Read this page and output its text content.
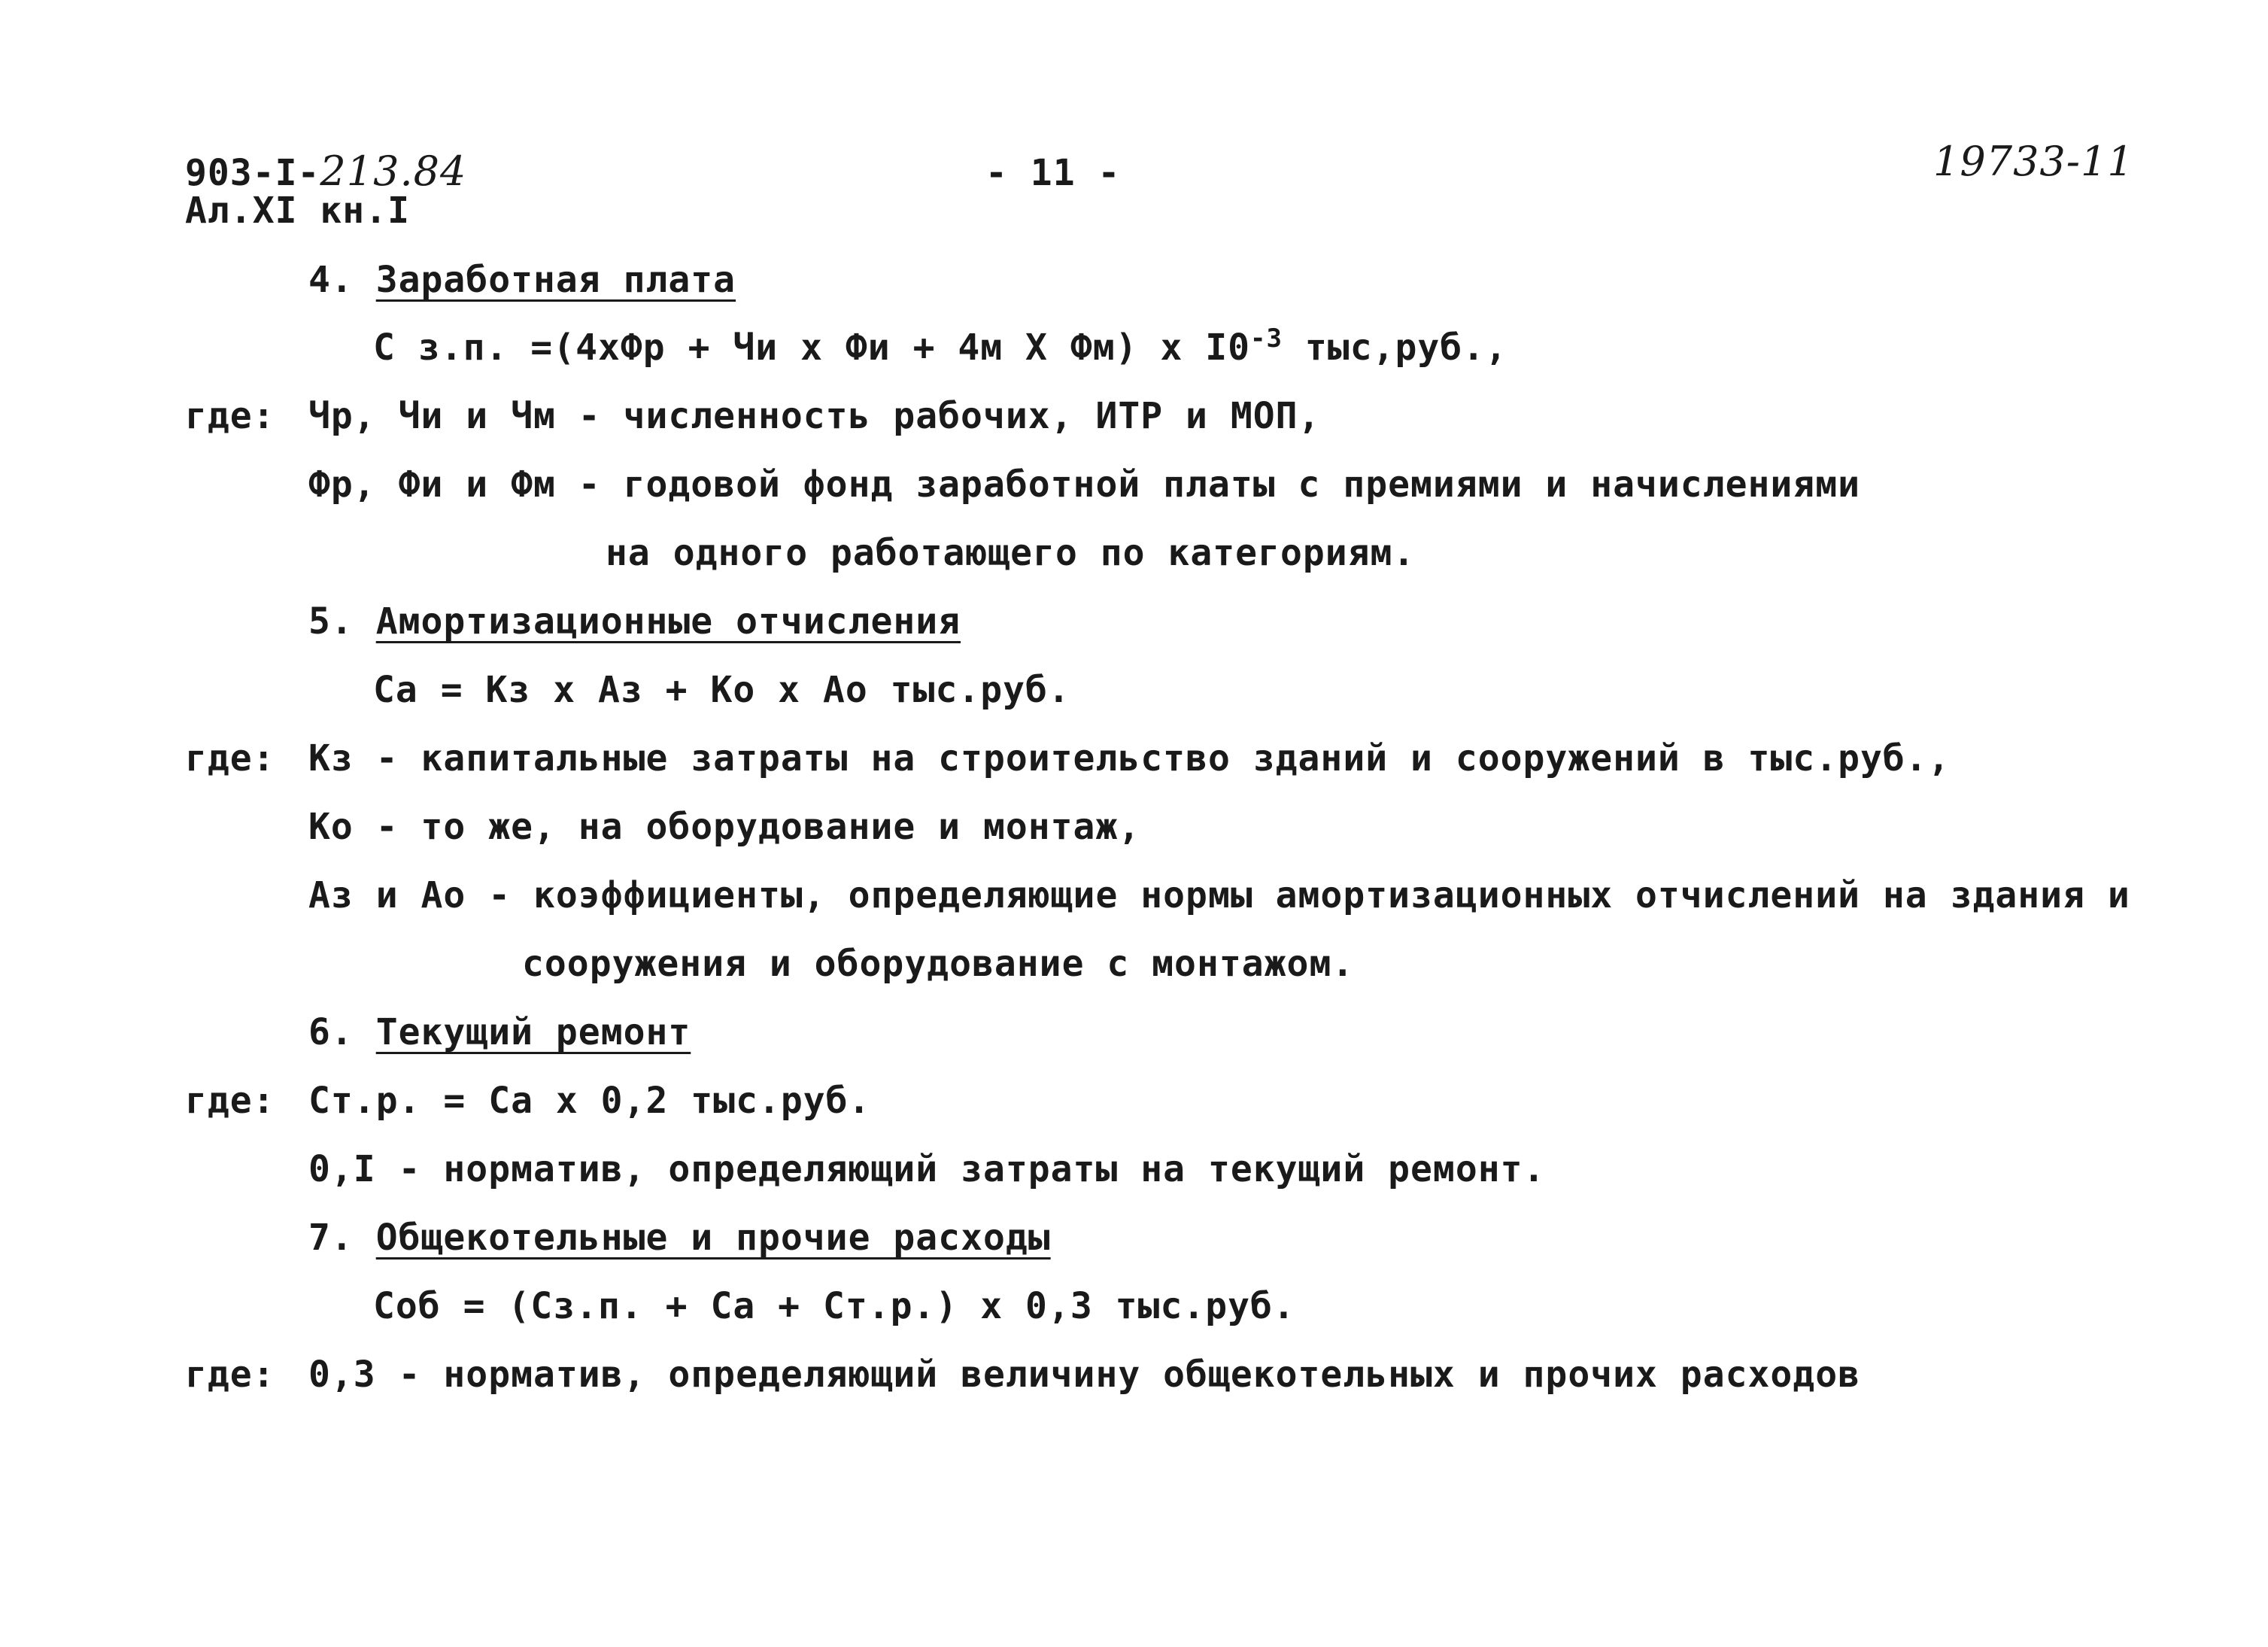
903-I-213.84
Ал.XI кн.I
- 11 -	19733-11
4. Заработная плата
С з.п. =(4хФр + Чи х Фи + 4м Х Фм) х $I0^{-3}$ тыс,руб.,
где: Чр, Чи и Чм - численность рабочих, ИТР и МОП,
Фр, Фи и Фм - годовой фонд заработной платы с премиями и начислениями
на одного работающего по категориям.
5. Амортизационные отчисления
Са = Кз х Аз + Ко х Ао тыс.руб.
где: Кз - капитальные затраты на строительство зданий и сооружений в тыс.руб.,
Ко - то же, на оборудование и монтаж,
Аз и Ао - коэффициенты, определяющие нормы амортизационных отчислений на здания и
сооружения и оборудование с монтажом.
6. Текущий ремонт
где: Ст.р. = Са х 0,2 тыс.руб.
0,I - норматив, определяющий затраты на текущий ремонт.
7. Общекотельные и прочие расходы
Соб = (Сз.п. + Са + Ст.р.) х 0,3 тыс.руб.
где: 0,3 - норматив, определяющий величину общекотельных и прочих расходов
